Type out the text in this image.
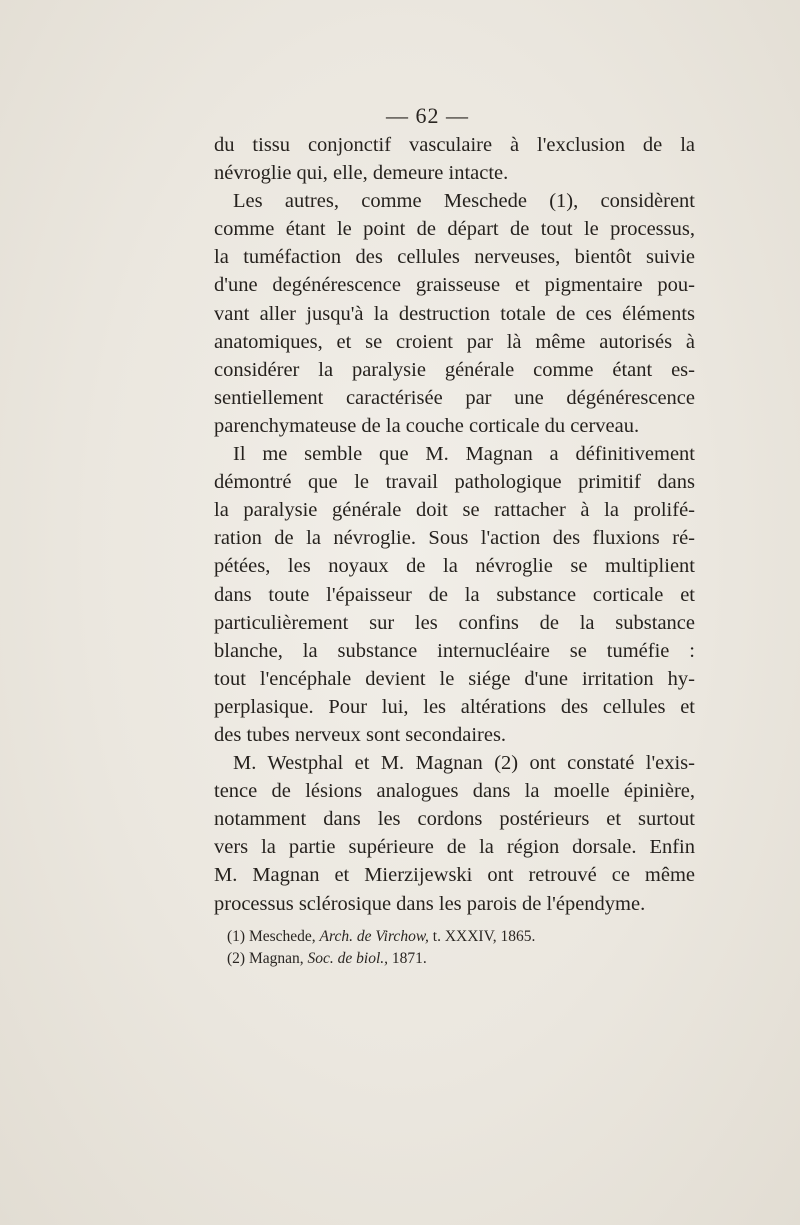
— 62 —

du tissu conjonctif vasculaire à l'exclusion de la
névroglie qui, elle, demeure intacte.

Les autres, comme Meschede (1), considèrent
comme étant le point de départ de tout le processus,
la tuméfaction des cellules nerveuses, bientôt suivie
d'une degénérescence graisseuse et pigmentaire pou-
vant aller jusqu'à la destruction totale de ces éléments
anatomiques, et se croient par là même autorisés à
considérer la paralysie générale comme étant es-
sentiellement caractérisée par une dégénérescence
parenchymateuse de la couche corticale du cerveau.

Il me semble que M. Magnan a définitivement
démontré que le travail pathologique primitif dans
la paralysie générale doit se rattacher à la prolifé-
ration de la névroglie. Sous l'action des fluxions ré-
pétées, les noyaux de la névroglie se multiplient
dans toute l'épaisseur de la substance corticale et
particulièrement sur les confins de la substance
blanche, la substance internucléaire se tuméfie :
tout l'encéphale devient le siége d'une irritation hy-
perplasique. Pour lui, les altérations des cellules et
des tubes nerveux sont secondaires.

M. Westphal et M. Magnan (2) ont constaté l'exis-
tence de lésions analogues dans la moelle épinière,
notamment dans les cordons postérieurs et surtout
vers la partie supérieure de la région dorsale. Enfin
M. Magnan et Mierzijewski ont retrouvé ce même
processus sclérosique dans les parois de l'épendyme.

(1) Meschede, Arch. de Virchow, t. XXXIV, 1865.
(2) Magnan, Soc. de biol., 1871.
